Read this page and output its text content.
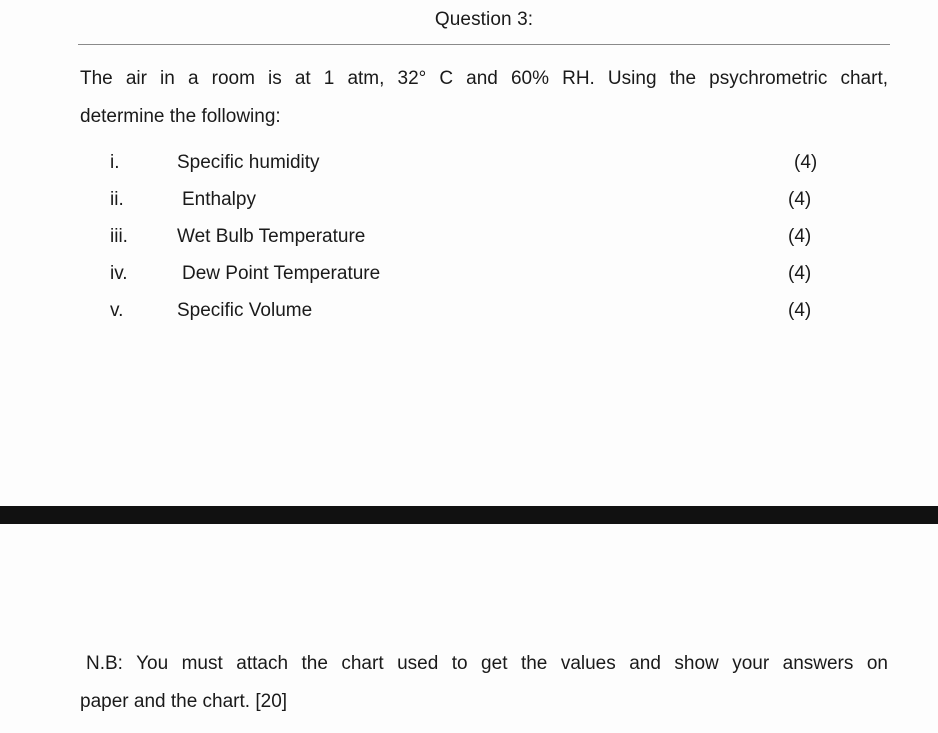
Question 3:
The air in a room is at 1 atm, 32° C and 60% RH. Using the psychrometric chart,
determine the following:
i.	Specific humidity	(4)
ii.	Enthalpy	(4)
iii.	Wet Bulb Temperature	(4)
iv.	Dew Point Temperature	(4)
v.	Specific Volume	(4)
N.B: You must attach the chart used to get the values and show your answers on
paper and the chart. [20]
